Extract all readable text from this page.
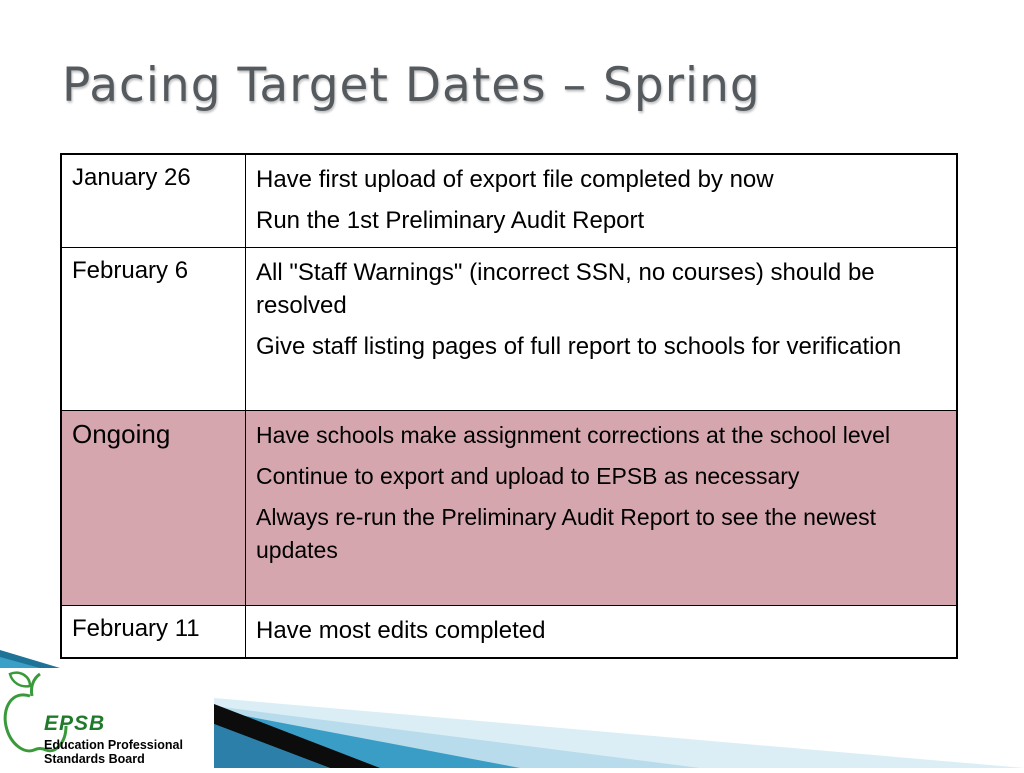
Pacing Target Dates – Spring
January 26	Have first upload of export file completed by now

Run the 1st Preliminary Audit Report

February 6	All "Staff Warnings" (incorrect SSN, no courses) should be resolved

Give staff listing pages of full report to schools for verification

Ongoing	Have schools make assignment corrections at the school level

Continue to export and upload to EPSB as necessary

Always re-run the Preliminary Audit Report to see the newest updates

February 11	Have most edits completed

EPSB
Education Professional
Standards Board
